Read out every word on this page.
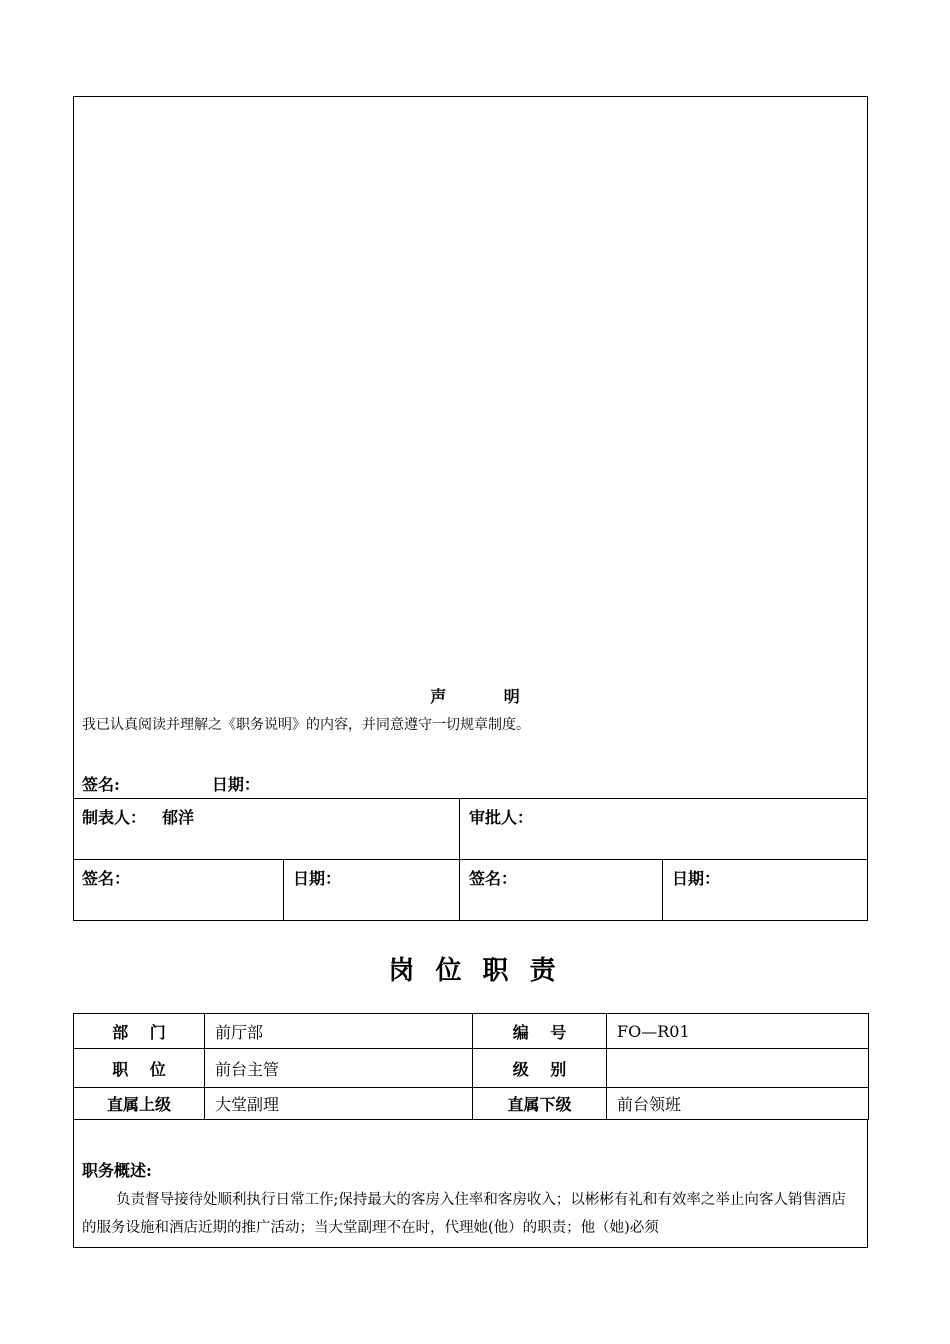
声 明
我已认真阅读并理解之《职务说明》的内容，并同意遵守一切规章制度。
签名:	日期：
制表人： 郁洋	审批人：
签名：	日期：	签名：	日期：
岗 位 职 责
部　 门	前厅部	编　 号	FO—R01
职　 位	前台主管	级　 别	
直属上级	大堂副理	直属下级	前台领班
职务概述:
负责督导接待处顺利执行日常工作;保持最大的客房入住率和客房收入；以彬彬有礼和有效率之举止向客人销售酒店的服务设施和酒店近期的推广活动；当大堂副理不在时，代理她(他）的职责；他（她)必须
